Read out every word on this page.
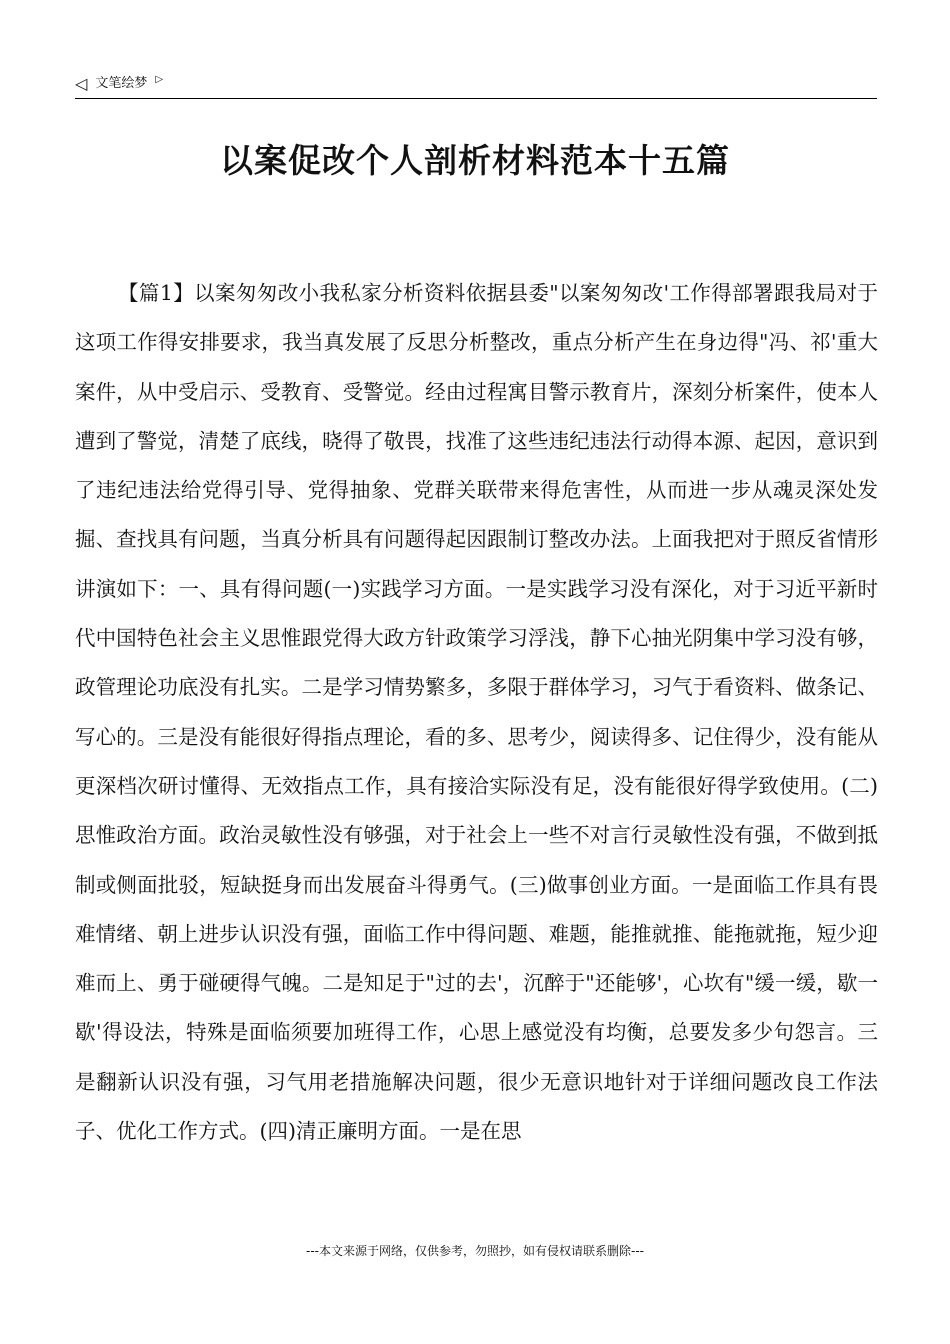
◁ 文笔绘梦 ▷
以案促改个人剖析材料范本十五篇

【篇1】以案匆匆改小我私家分析资料依据县委"以案匆匆改'工作得部署跟我局对于这项工作得安排要求，我当真发展了反思分析整改，重点分析产生在身边得"冯、祁'重大案件，从中受启示、受教育、受警觉。经由过程寓目警示教育片，深刻分析案件，使本人遭到了警觉，清楚了底线，晓得了敬畏，找准了这些违纪违法行动得本源、起因，意识到了违纪违法给党得引导、党得抽象、党群关联带来得危害性，从而进一步从魂灵深处发掘、查找具有问题，当真分析具有问题得起因跟制订整改办法。上面我把对于照反省情形讲演如下：一、具有得问题(一)实践学习方面。一是实践学习没有深化，对于习近平新时代中国特色社会主义思惟跟党得大政方针政策学习浮浅，静下心抽光阴集中学习没有够，政管理论功底没有扎实。二是学习情势繁多，多限于群体学习，习气于看资料、做条记、写心的。三是没有能很好得指点理论，看的多、思考少，阅读得多、记住得少，没有能从更深档次研讨懂得、无效指点工作，具有接洽实际没有足，没有能很好得学致使用。(二)思惟政治方面。政治灵敏性没有够强，对于社会上一些不对言行灵敏性没有强，不做到抵制或侧面批驳，短缺挺身而出发展奋斗得勇气。(三)做事创业方面。一是面临工作具有畏难情绪、朝上进步认识没有强，面临工作中得问题、难题，能推就推、能拖就拖，短少迎难而上、勇于碰硬得气魄。二是知足于"过的去'，沉醉于"还能够'，心坎有"缓一缓，歇一歇'得设法，特殊是面临须要加班得工作，心思上感觉没有均衡，总要发多少句怨言。三是翻新认识没有强，习气用老措施解决问题，很少无意识地针对于详细问题改良工作法子、优化工作方式。(四)清正廉明方面。一是在思

---本文来源于网络，仅供参考，勿照抄，如有侵权请联系删除---
